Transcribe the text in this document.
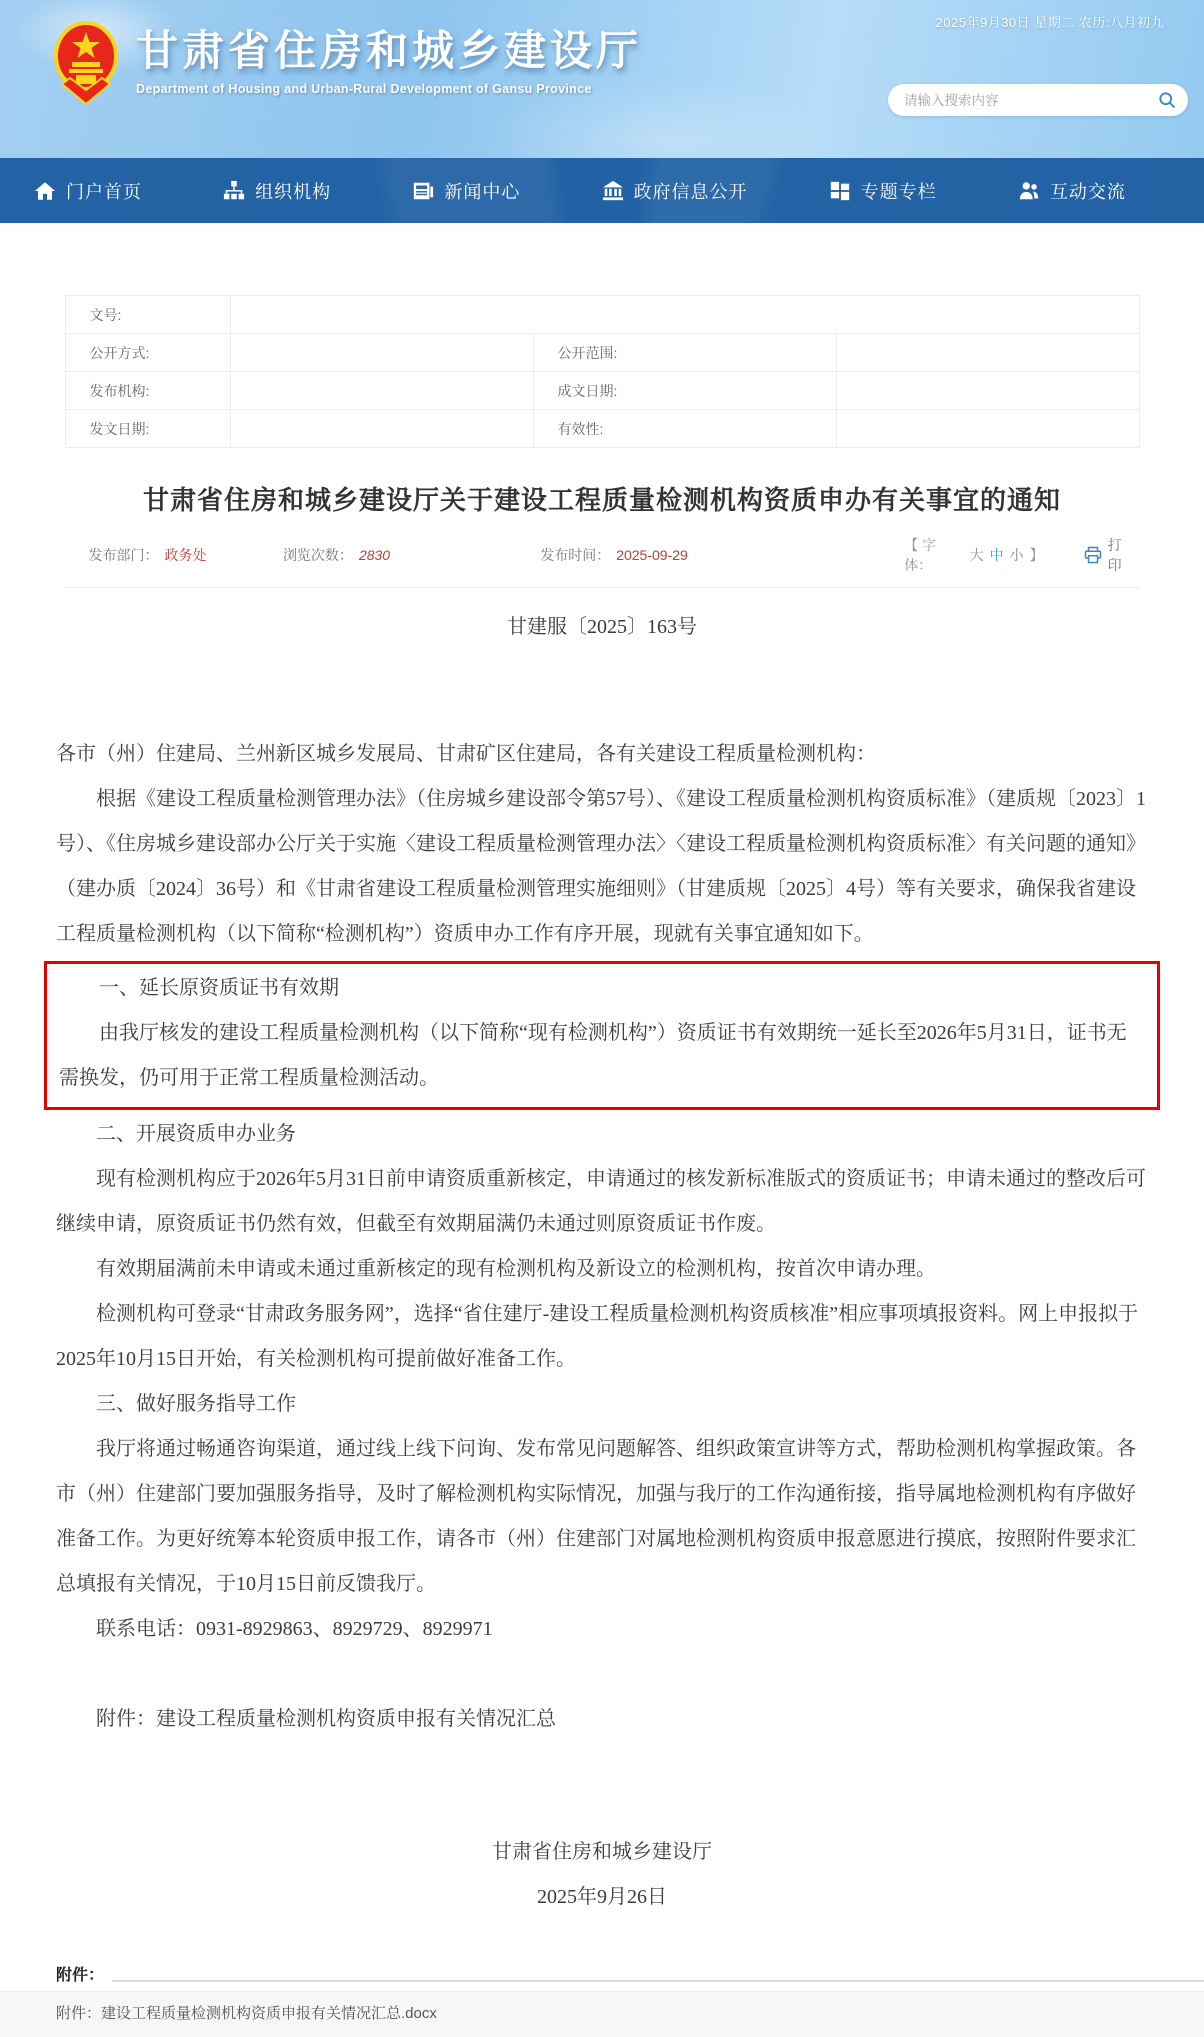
2025年9月30日 星期二 农历:八月初九
甘肃省住房和城乡建设厅
Department of Housing and Urban-Rural Development of Gansu Province
请输入搜索内容
门户首页	组织机构	新闻中心	政府信息公开	专题专栏	互动交流
文号:			
公开方式:		公开范围:	
发布机构:		成文日期:	
发文日期:		有效性:	
甘肃省住房和城乡建设厅关于建设工程质量检测机构资质申办有关事宜的通知
发布部门： 政务处	浏览次数： 2830	发布时间： 2025-09-29
【 字体：
大 中 小 】
打印
甘建服〔2025〕163号

各市（州）住建局、兰州新区城乡发展局、甘肃矿区住建局，各有关建设工程质量检测机构：

根据《建设工程质量检测管理办法》（住房城乡建设部令第57号）、《建设工程质量检测机构资质标准》（建质规〔2023〕1号）、《住房城乡建设部办公厅关于实施〈建设工程质量检测管理办法〉〈建设工程质量检测机构资质标准〉有关问题的通知》（建办质〔2024〕36号）和《甘肃省建设工程质量检测管理实施细则》（甘建质规〔2025〕4号）等有关要求，确保我省建设工程质量检测机构（以下简称“检测机构”）资质申办工作有序开展，现就有关事宜通知如下。

一、延长原资质证书有效期

由我厅核发的建设工程质量检测机构（以下简称“现有检测机构”）资质证书有效期统一延长至2026年5月31日，证书无需换发，仍可用于正常工程质量检测活动。

二、开展资质申办业务

现有检测机构应于2026年5月31日前申请资质重新核定，申请通过的核发新标准版式的资质证书；申请未通过的整改后可继续申请，原资质证书仍然有效，但截至有效期届满仍未通过则原资质证书作废。

有效期届满前未申请或未通过重新核定的现有检测机构及新设立的检测机构，按首次申请办理。

检测机构可登录“甘肃政务服务网”，选择“省住建厅-建设工程质量检测机构资质核准”相应事项填报资料。网上申报拟于2025年10月15日开始，有关检测机构可提前做好准备工作。

三、做好服务指导工作

我厅将通过畅通咨询渠道，通过线上线下问询、发布常见问题解答、组织政策宣讲等方式，帮助检测机构掌握政策。各市（州）住建部门要加强服务指导，及时了解检测机构实际情况，加强与我厅的工作沟通衔接，指导属地检测机构有序做好准备工作。为更好统筹本轮资质申报工作，请各市（州）住建部门对属地检测机构资质申报意愿进行摸底，按照附件要求汇总填报有关情况，于10月15日前反馈我厅。

联系电话：0931-8929863、8929729、8929971

附件：建设工程质量检测机构资质申报有关情况汇总

甘肃省住房和城乡建设厅

2025年9月26日

附件：
附件：建设工程质量检测机构资质申报有关情况汇总.docx
